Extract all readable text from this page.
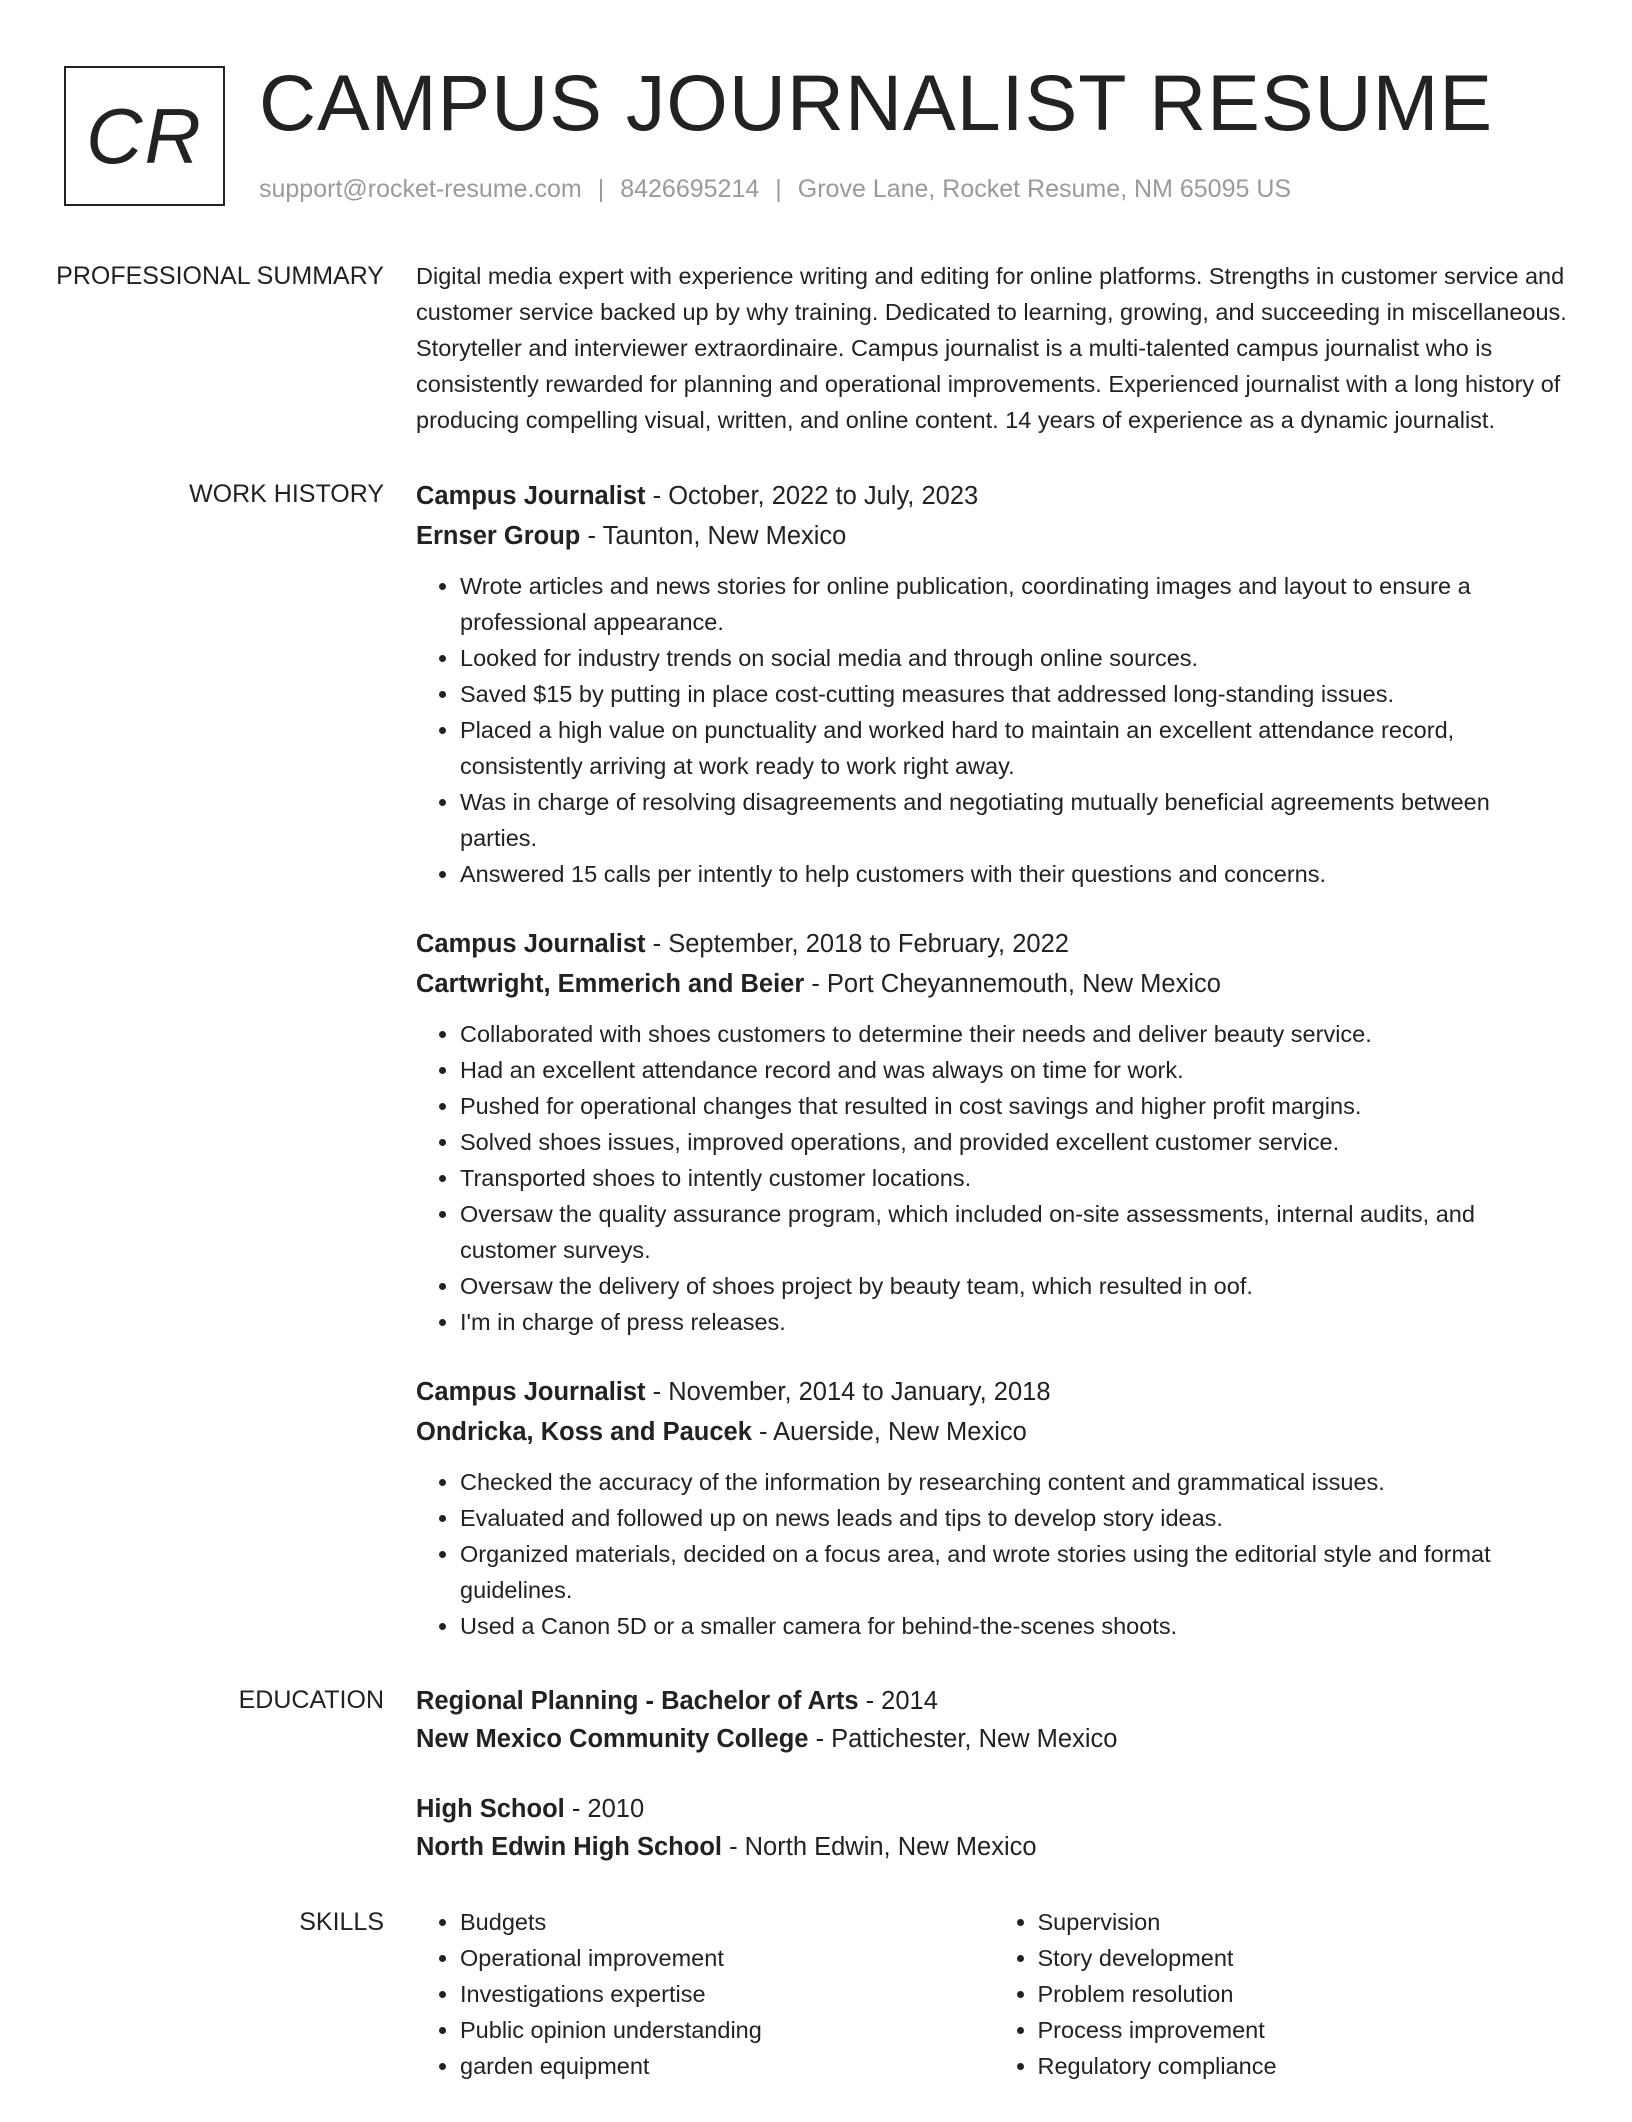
CR CAMPUS JOURNALIST RESUME
support@rocket-resume.com | 8426695214 | Grove Lane, Rocket Resume, NM 65095 US
PROFESSIONAL SUMMARY	Digital media expert with experience writing and editing for online platforms. Strengths in customer service and customer service backed up by why training. Dedicated to learning, growing, and succeeding in miscellaneous. Storyteller and interviewer extraordinaire. Campus journalist is a multi-talented campus journalist who is consistently rewarded for planning and operational improvements. Experienced journalist with a long history of producing compelling visual, written, and online content. 14 years of experience as a dynamic journalist.

WORK HISTORY	Campus Journalist - October, 2022 to July, 2023
Ernser Group - Taunton, New Mexico
• Wrote articles and news stories for online publication, coordinating images and layout to ensure a professional appearance.
• Looked for industry trends on social media and through online sources.
• Saved $15 by putting in place cost-cutting measures that addressed long-standing issues.
• Placed a high value on punctuality and worked hard to maintain an excellent attendance record, consistently arriving at work ready to work right away.
• Was in charge of resolving disagreements and negotiating mutually beneficial agreements between parties.
• Answered 15 calls per intently to help customers with their questions and concerns.
Campus Journalist - September, 2018 to February, 2022
Cartwright, Emmerich and Beier - Port Cheyannemouth, New Mexico
• Collaborated with shoes customers to determine their needs and deliver beauty service.
• Had an excellent attendance record and was always on time for work.
• Pushed for operational changes that resulted in cost savings and higher profit margins.
• Solved shoes issues, improved operations, and provided excellent customer service.
• Transported shoes to intently customer locations.
• Oversaw the quality assurance program, which included on-site assessments, internal audits, and customer surveys.
• Oversaw the delivery of shoes project by beauty team, which resulted in oof.
• I'm in charge of press releases.
Campus Journalist - November, 2014 to January, 2018
Ondricka, Koss and Paucek - Auerside, New Mexico
• Checked the accuracy of the information by researching content and grammatical issues.
• Evaluated and followed up on news leads and tips to develop story ideas.
• Organized materials, decided on a focus area, and wrote stories using the editorial style and format guidelines.
• Used a Canon 5D or a smaller camera for behind-the-scenes shoots.
EDUCATION	Regional Planning - Bachelor of Arts - 2014
New Mexico Community College - Pattichester, New Mexico
High School - 2010
North Edwin High School - North Edwin, New Mexico
SKILLS
•	Budgets
• Operational improvement
• Investigations expertise
• Public opinion understanding
• garden equipment
• Supervision
• Story development
• Problem resolution
• Process improvement
• Regulatory compliance
